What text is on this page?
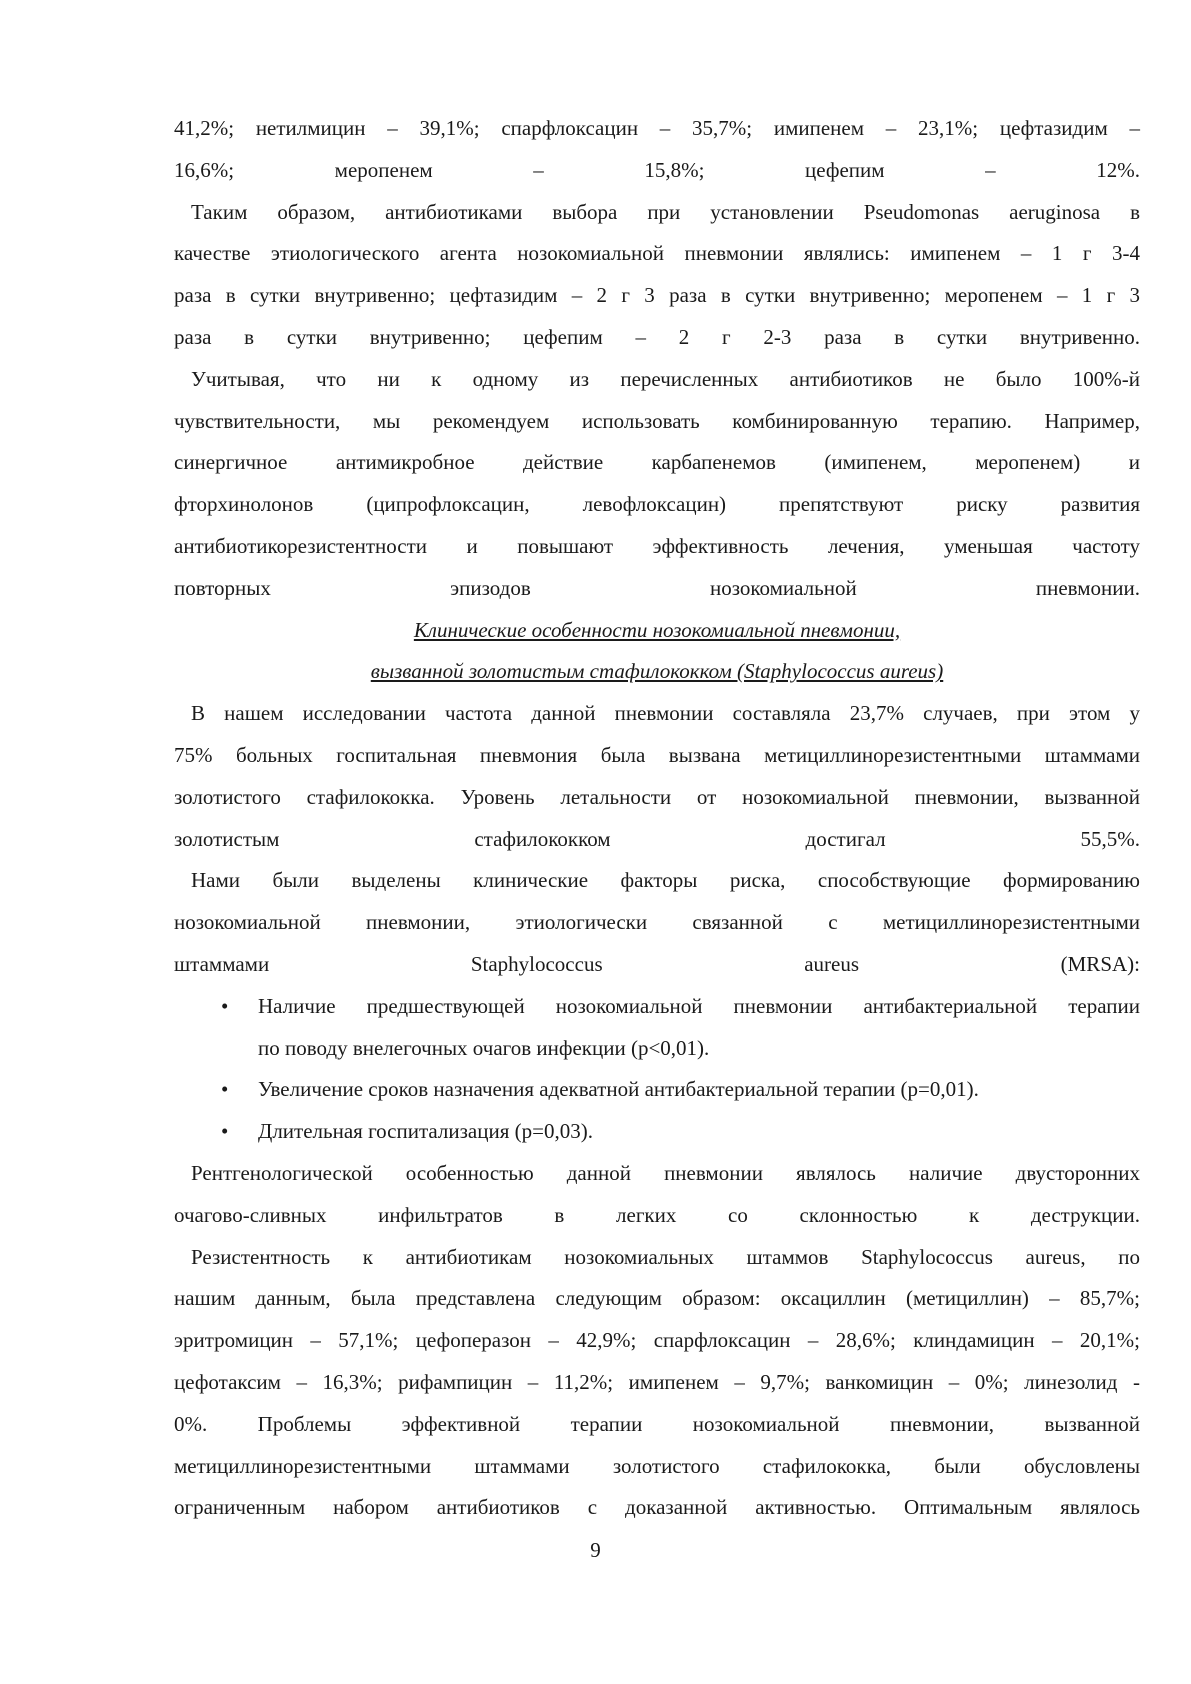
41,2%; нетилмицин – 39,1%; спарфлоксацин – 35,7%; имипенем – 23,1%; цефтазидим –
16,6%; меропенем – 15,8%; цефепим – 12%.

Таким образом, антибиотиками выбора при установлении Pseudomonas aeruginosa в
качестве этиологического агента нозокомиальной пневмонии являлись: имипенем – 1 г 3-4
раза в сутки внутривенно; цефтазидим – 2 г 3 раза в сутки внутривенно; меропенем – 1 г 3
раза в сутки внутривенно; цефепим – 2 г 2-3 раза в сутки внутривенно.

Учитывая, что ни к одному из перечисленных антибиотиков не было 100%-й
чувствительности, мы рекомендуем использовать комбинированную терапию. Например,
синергичное антимикробное действие карбапенемов (имипенем, меропенем) и
фторхинолонов (ципрофлоксацин, левофлоксацин) препятствуют риску развития
антибиотикорезистентности и повышают эффективность лечения, уменьшая частоту
повторных эпизодов нозокомиальной пневмонии.

Клинические особенности нозокомиальной пневмонии,
вызванной золотистым стафилококком (Staphylococcus aureus)

В нашем исследовании частота данной пневмонии составляла 23,7% случаев, при этом у
75% больных госпитальная пневмония была вызвана метициллинорезистентными штаммами
золотистого стафилококка. Уровень летальности от нозокомиальной пневмонии, вызванной
золотистым стафилококком достигал 55,5%.

Нами были выделены клинические факторы риска, способствующие формированию
нозокомиальной пневмонии, этиологически связанной с метициллинорезистентными
штаммами Staphylococcus aureus (MRSA):

• Наличие предшествующей нозокомиальной пневмонии антибактериальной терапии
по поводу внелегочных очагов инфекции (p<0,01).
• Увеличение сроков назначения адекватной антибактериальной терапии (p=0,01).
• Длительная госпитализация (p=0,03).

Рентгенологической особенностью данной пневмонии являлось наличие двусторонних
очагово-сливных инфильтратов в легких со склонностью к деструкции.

Резистентность к антибиотикам нозокомиальных штаммов Staphylococcus aureus, по
нашим данным, была представлена следующим образом: оксациллин (метициллин) – 85,7%;
эритромицин – 57,1%; цефоперазон – 42,9%; спарфлоксацин – 28,6%; клиндамицин – 20,1%;
цефотаксим – 16,3%; рифампицин – 11,2%; имипенем – 9,7%; ванкомицин – 0%; линезолид -
0%. Проблемы эффективной терапии нозокомиальной пневмонии, вызванной
метициллинорезистентными штаммами золотистого стафилококка, были обусловлены
ограниченным набором антибиотиков с доказанной активностью. Оптимальным являлось

9
